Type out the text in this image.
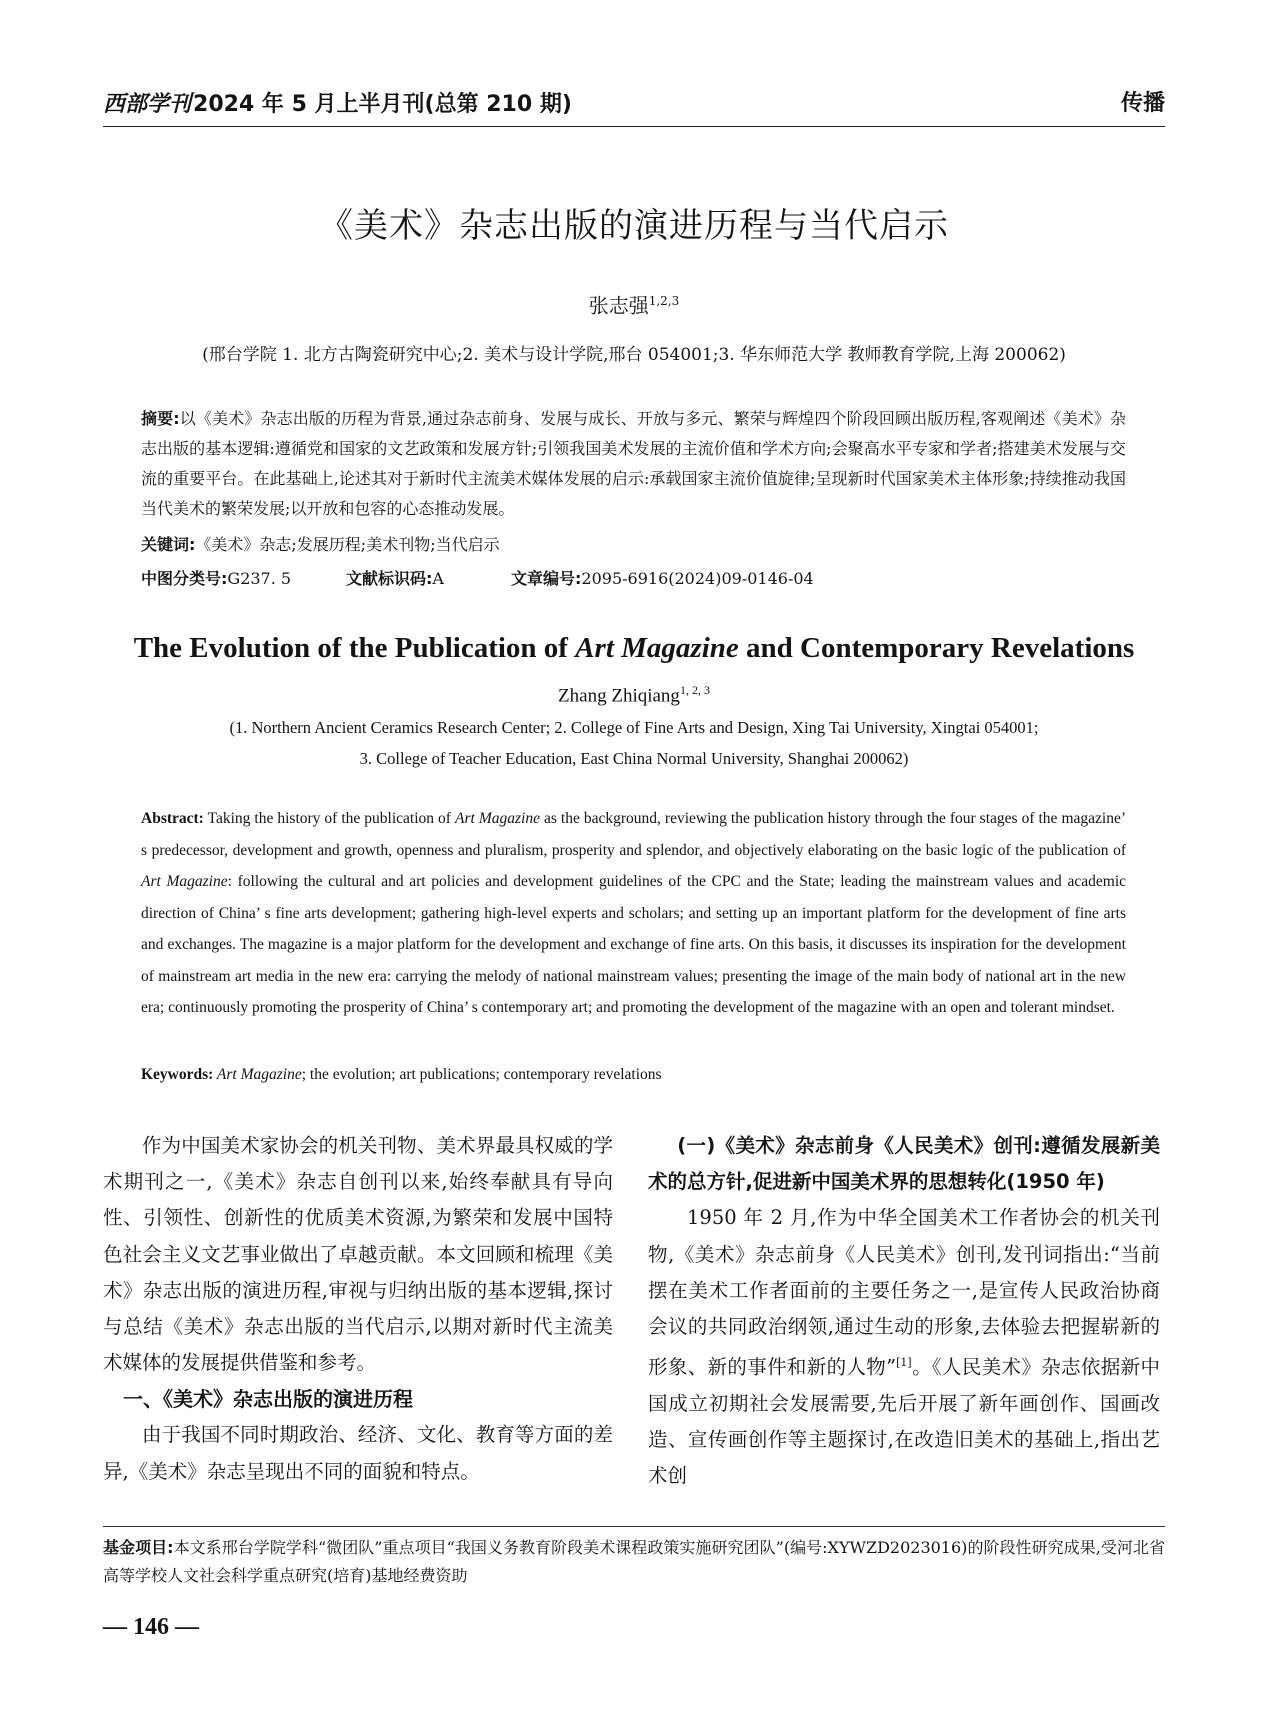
西部学刊2024 年 5 月上半月刊(总第 210 期)	传播
《美术》杂志出版的演进历程与当代启示
张志强$^{1,2,3}$
(邢台学院 1. 北方古陶瓷研究中心;2. 美术与设计学院,邢台 054001;3. 华东师范大学 教师教育学院,上海 200062)
摘要:以《美术》杂志出版的历程为背景,通过杂志前身、发展与成长、开放与多元、繁荣与辉煌四个阶段回顾出版历程,客观阐述《美术》杂志出版的基本逻辑:遵循党和国家的文艺政策和发展方针;引领我国美术发展的主流价值和学术方向;会聚高水平专家和学者;搭建美术发展与交流的重要平台。在此基础上,论述其对于新时代主流美术媒体发展的启示:承载国家主流价值旋律;呈现新时代国家美术主体形象;持续推动我国当代美术的繁荣发展;以开放和包容的心态推动发展。
关键词:《美术》杂志;发展历程;美术刊物;当代启示
中图分类号:G237. 5	文献标识码:A	文章编号:2095-6916(2024)09-0146-04
The Evolution of the Publication of Art Magazine and Contemporary Revelations
Zhang Zhiqiang$^{1, 2, 3}$
(1. Northern Ancient Ceramics Research Center; 2. College of Fine Arts and Design, Xing Tai University, Xingtai 054001;
3. College of Teacher Education, East China Normal University, Shanghai 200062)
Abstract: Taking the history of the publication of Art Magazine as the background, reviewing the publication history through the four stages of the magazine’ s predecessor, development and growth, openness and pluralism, prosperity and splendor, and objectively elaborating on the basic logic of the publication of Art Magazine: following the cultural and art policies and development guidelines of the CPC and the State; leading the mainstream values and academic direction of China’ s fine arts development; gathering high-level experts and scholars; and setting up an important platform for the development of fine arts and exchanges. The magazine is a major platform for the development and exchange of fine arts. On this basis, it discusses its inspiration for the development of mainstream art media in the new era: carrying the melody of national mainstream values; presenting the image of the main body of national art in the new era; continuously promoting the prosperity of China’ s contemporary art; and promoting the development of the magazine with an open and tolerant mindset.
Keywords: Art Magazine; the evolution; art publications; contemporary revelations

作为中国美术家协会的机关刊物、美术界最具权威的学术期刊之一,《美术》杂志自创刊以来,始终奉献具有导向性、引领性、创新性的优质美术资源,为繁荣和发展中国特色社会主义文艺事业做出了卓越贡献。本文回顾和梳理《美术》杂志出版的演进历程,审视与归纳出版的基本逻辑,探讨与总结《美术》杂志出版的当代启示,以期对新时代主流美术媒体的发展提供借鉴和参考。

一、《美术》杂志出版的演进历程

由于我国不同时期政治、经济、文化、教育等方面的差异,《美术》杂志呈现出不同的面貌和特点。

(一)《美术》杂志前身《人民美术》创刊:遵循发展新美术的总方针,促进新中国美术界的思想转化(1950 年)

1950 年 2 月,作为中华全国美术工作者协会的机关刊物,《美术》杂志前身《人民美术》创刊,发刊词指出:“当前摆在美术工作者面前的主要任务之一,是宣传人民政治协商会议的共同政治纲领,通过生动的形象,去体验去把握崭新的形象、新的事件和新的人物”[1]。《人民美术》杂志依据新中国成立初期社会发展需要,先后开展了新年画创作、国画改造、宣传画创作等主题探讨,在改造旧美术的基础上,指出艺术创

基金项目:本文系邢台学院学科“微团队”重点项目“我国义务教育阶段美术课程政策实施研究团队”(编号:XYWZD2023016)的阶段性研究成果,受河北省高等学校人文社会科学重点研究(培育)基地经费资助
— 146 —
